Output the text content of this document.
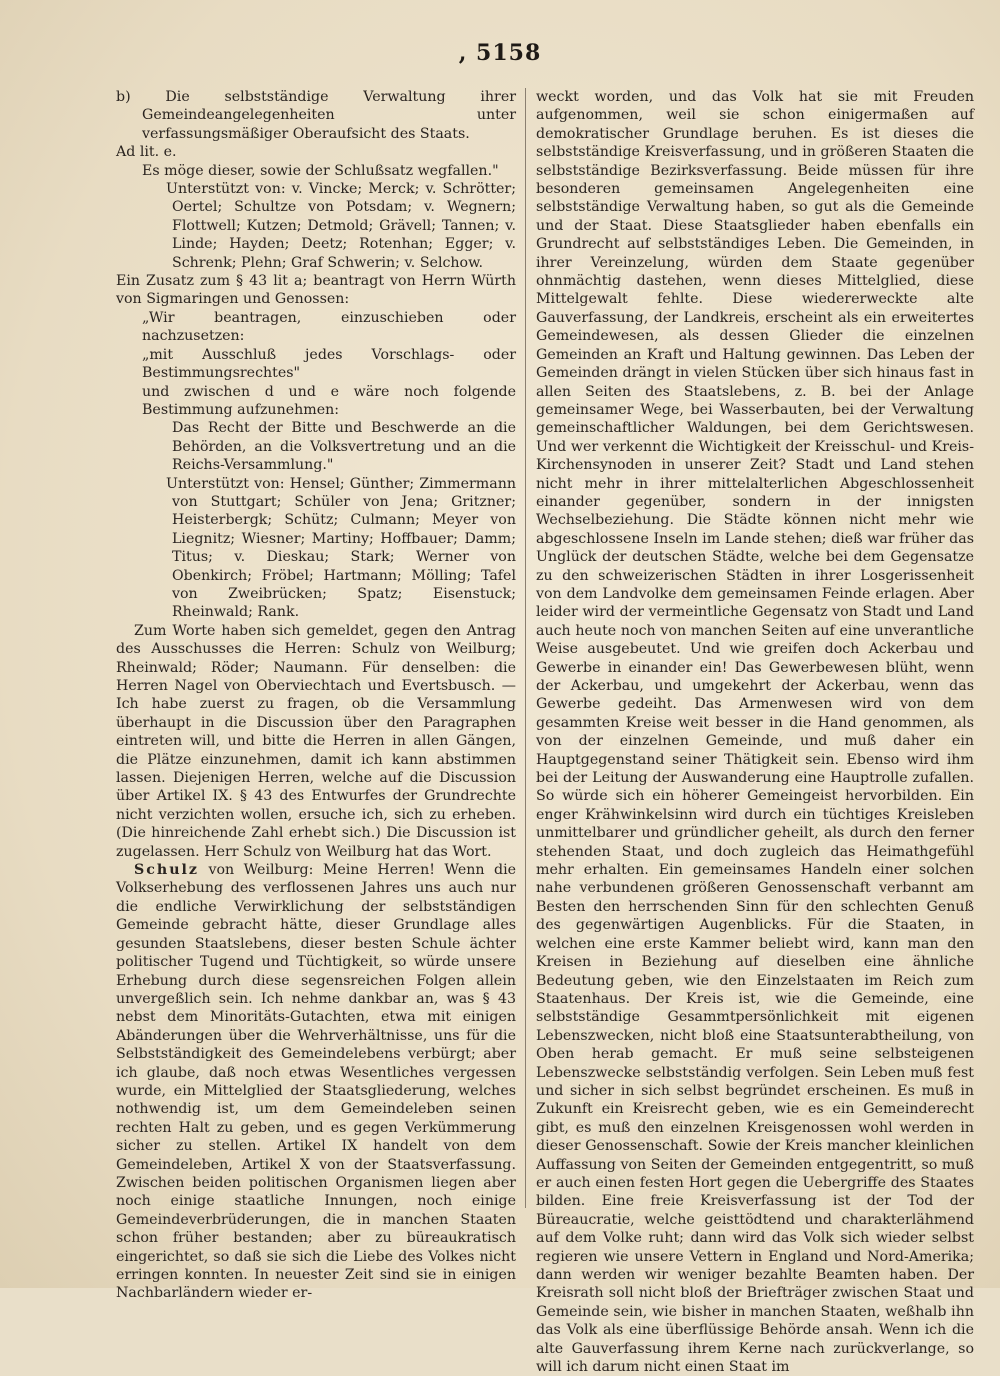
, 5158

b) Die selbstständige Verwaltung ihrer Gemeindeangelegenheiten unter verfassungsmäßiger Oberaufsicht des Staats.

Ad lit. e.

Es möge dieser, sowie der Schlußsatz wegfallen."

Unterstützt von: v. Vincke; Merck; v. Schrötter; Oertel; Schultze von Potsdam; v. Wegnern; Flottwell; Kutzen; Detmold; Grävell; Tannen; v. Linde; Hayden; Deetz; Rotenhan; Egger; v. Schrenk; Plehn; Graf Schwerin; v. Selchow.

Ein Zusatz zum § 43 lit a; beantragt von Herrn Würth von Sigmaringen und Genossen:

„Wir beantragen, einzuschieben oder nachzusetzen:

„mit Ausschluß jedes Vorschlags- oder Bestimmungsrechtes"

und zwischen d und e wäre noch folgende Bestimmung aufzunehmen:

Das Recht der Bitte und Beschwerde an die Behörden, an die Volksvertretung und an die Reichs-Versammlung."

Unterstützt von: Hensel; Günther; Zimmermann von Stuttgart; Schüler von Jena; Gritzner; Heisterbergk; Schütz; Culmann; Meyer von Liegnitz; Wiesner; Martiny; Hoffbauer; Damm; Titus; v. Dieskau; Stark; Werner von Obenkirch; Fröbel; Hartmann; Mölling; Tafel von Zweibrücken; Spatz; Eisenstuck; Rheinwald; Rank.

Zum Worte haben sich gemeldet, gegen den Antrag des Ausschusses die Herren: Schulz von Weilburg; Rheinwald; Röder; Naumann. Für denselben: die Herren Nagel von Oberviechtach und Evertsbusch. — Ich habe zuerst zu fragen, ob die Versammlung überhaupt in die Discussion über den Paragraphen eintreten will, und bitte die Herren in allen Gängen, die Plätze einzunehmen, damit ich kann abstimmen lassen. Diejenigen Herren, welche auf die Discussion über Artikel IX. § 43 des Entwurfes der Grundrechte nicht verzichten wollen, ersuche ich, sich zu erheben. (Die hinreichende Zahl erhebt sich.) Die Discussion ist zugelassen. Herr Schulz von Weilburg hat das Wort.

Schulz von Weilburg: Meine Herren! Wenn die Volkserhebung des verflossenen Jahres uns auch nur die endliche Verwirklichung der selbstständigen Gemeinde gebracht hätte, dieser Grundlage alles gesunden Staatslebens, dieser besten Schule ächter politischer Tugend und Tüchtigkeit, so würde unsere Erhebung durch diese segensreichen Folgen allein unvergeßlich sein. Ich nehme dankbar an, was § 43 nebst dem Minoritäts-Gutachten, etwa mit einigen Abänderungen über die Wehrverhältnisse, uns für die Selbstständigkeit des Gemeindelebens verbürgt; aber ich glaube, daß noch etwas Wesentliches vergessen wurde, ein Mittelglied der Staatsgliederung, welches nothwendig ist, um dem Gemeindeleben seinen rechten Halt zu geben, und es gegen Verkümmerung sicher zu stellen. Artikel IX handelt von dem Gemeindeleben, Artikel X von der Staatsverfassung. Zwischen beiden politischen Organismen liegen aber noch einige staatliche Innungen, noch einige Gemeindeverbrüderungen, die in manchen Staaten schon früher bestanden; aber zu büreaukratisch eingerichtet, so daß sie sich die Liebe des Volkes nicht erringen konnten. In neuester Zeit sind sie in einigen Nachbarländern wieder er-

weckt worden, und das Volk hat sie mit Freuden aufgenommen, weil sie schon einigermaßen auf demokratischer Grundlage beruhen. Es ist dieses die selbstständige Kreisverfassung, und in größeren Staaten die selbstständige Bezirksverfassung. Beide müssen für ihre besonderen gemeinsamen Angelegenheiten eine selbstständige Verwaltung haben, so gut als die Gemeinde und der Staat. Diese Staatsglieder haben ebenfalls ein Grundrecht auf selbstständiges Leben. Die Gemeinden, in ihrer Vereinzelung, würden dem Staate gegenüber ohnmächtig dastehen, wenn dieses Mittelglied, diese Mittelgewalt fehlte. Diese wiedererweckte alte Gauverfassung, der Landkreis, erscheint als ein erweitertes Gemeindewesen, als dessen Glieder die einzelnen Gemeinden an Kraft und Haltung gewinnen. Das Leben der Gemeinden drängt in vielen Stücken über sich hinaus fast in allen Seiten des Staatslebens, z. B. bei der Anlage gemeinsamer Wege, bei Wasserbauten, bei der Verwaltung gemeinschaftlicher Waldungen, bei dem Gerichtswesen. Und wer verkennt die Wichtigkeit der Kreisschul- und Kreis-Kirchensynoden in unserer Zeit? Stadt und Land stehen nicht mehr in ihrer mittelalterlichen Abgeschlossenheit einander gegenüber, sondern in der innigsten Wechselbeziehung. Die Städte können nicht mehr wie abgeschlossene Inseln im Lande stehen; dieß war früher das Unglück der deutschen Städte, welche bei dem Gegensatze zu den schweizerischen Städten in ihrer Losgerissenheit von dem Landvolke dem gemeinsamen Feinde erlagen. Aber leider wird der vermeintliche Gegensatz von Stadt und Land auch heute noch von manchen Seiten auf eine unverantliche Weise ausgebeutet. Und wie greifen doch Ackerbau und Gewerbe in einander ein! Das Gewerbewesen blüht, wenn der Ackerbau, und umgekehrt der Ackerbau, wenn das Gewerbe gedeiht. Das Armenwesen wird von dem gesammten Kreise weit besser in die Hand genommen, als von der einzelnen Gemeinde, und muß daher ein Hauptgegenstand seiner Thätigkeit sein. Ebenso wird ihm bei der Leitung der Auswanderung eine Hauptrolle zufallen. So würde sich ein höherer Gemeingeist hervorbilden. Ein enger Krähwinkelsinn wird durch ein tüchtiges Kreisleben unmittelbarer und gründlicher geheilt, als durch den ferner stehenden Staat, und doch zugleich das Heimathgefühl mehr erhalten. Ein gemeinsames Handeln einer solchen nahe verbundenen größeren Genossenschaft verbannt am Besten den herrschenden Sinn für den schlechten Genuß des gegenwärtigen Augenblicks. Für die Staaten, in welchen eine erste Kammer beliebt wird, kann man den Kreisen in Beziehung auf dieselben eine ähnliche Bedeutung geben, wie den Einzelstaaten im Reich zum Staatenhaus. Der Kreis ist, wie die Gemeinde, eine selbstständige Gesammtpersönlichkeit mit eigenen Lebenszwecken, nicht bloß eine Staatsunterabtheilung, von Oben herab gemacht. Er muß seine selbsteigenen Lebenszwecke selbstständig verfolgen. Sein Leben muß fest und sicher in sich selbst begründet erscheinen. Es muß in Zukunft ein Kreisrecht geben, wie es ein Gemeinderecht gibt, es muß den einzelnen Kreisgenossen wohl werden in dieser Genossenschaft. Sowie der Kreis mancher kleinlichen Auffassung von Seiten der Gemeinden entgegentritt, so muß er auch einen festen Hort gegen die Uebergriffe des Staates bilden. Eine freie Kreisverfassung ist der Tod der Büreaucratie, welche geisttödtend und charakterlähmend auf dem Volke ruht; dann wird das Volk sich wieder selbst regieren wie unsere Vettern in England und Nord-Amerika; dann werden wir weniger bezahlte Beamten haben. Der Kreisrath soll nicht bloß der Briefträger zwischen Staat und Gemeinde sein, wie bisher in manchen Staaten, weßhalb ihn das Volk als eine überflüssige Behörde ansah. Wenn ich die alte Gauverfassung ihrem Kerne nach zurückverlange, so will ich darum nicht einen Staat im
